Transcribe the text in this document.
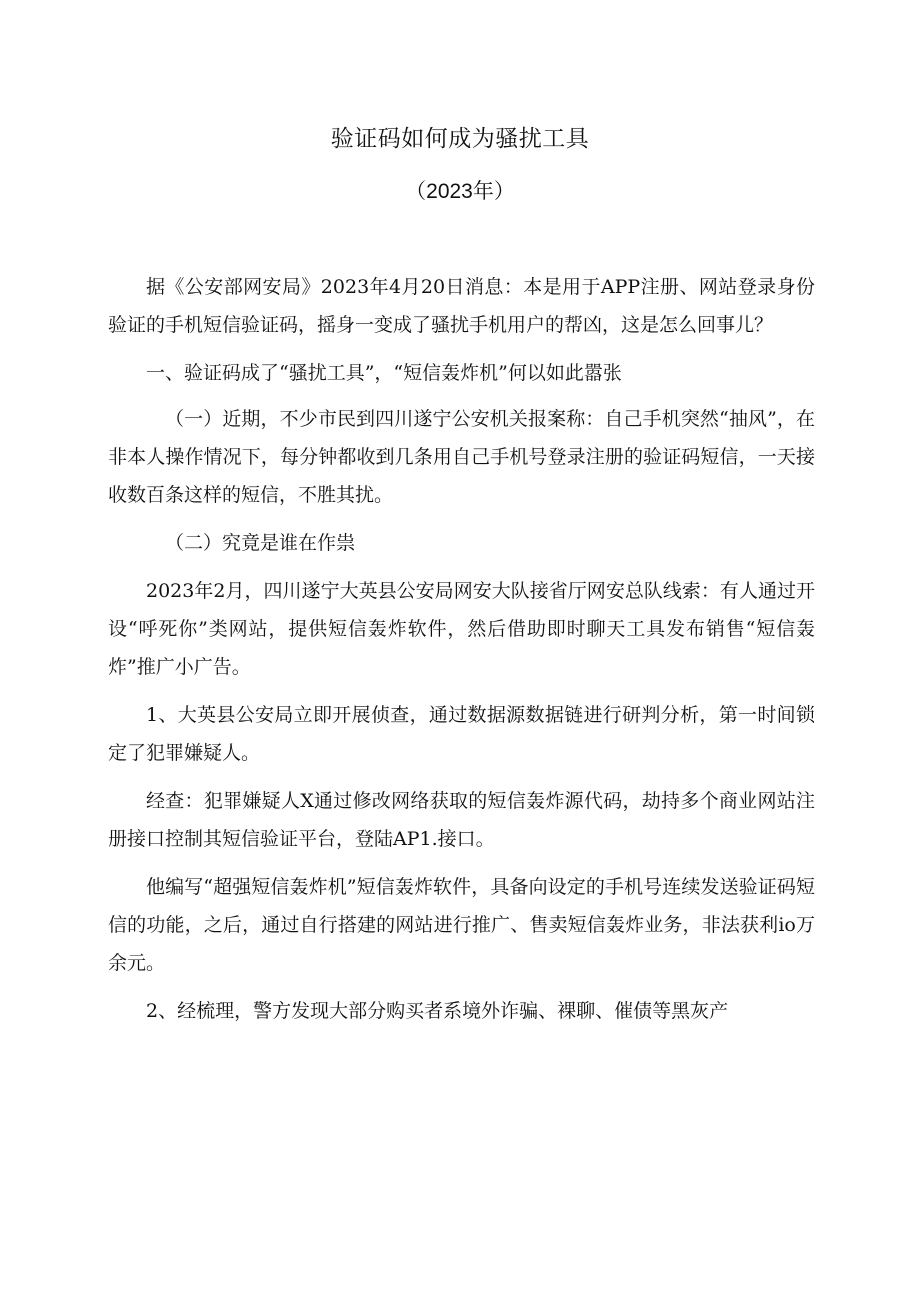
验证码如何成为骚扰工具
（2023年）

据《公安部网安局》2023年4月20日消息：本是用于APP注册、网站登录身份验证的手机短信验证码，摇身一变成了骚扰手机用户的帮凶，这是怎么回事儿？

一、验证码成了“骚扰工具”，“短信轰炸机”何以如此嚣张

（一）近期，不少市民到四川遂宁公安机关报案称：自己手机突然“抽风”，在非本人操作情况下，每分钟都收到几条用自己手机号登录注册的验证码短信，一天接收数百条这样的短信，不胜其扰。

（二）究竟是谁在作祟

2023年2月，四川遂宁大英县公安局网安大队接省厅网安总队线索：有人通过开设“呼死你”类网站，提供短信轰炸软件，然后借助即时聊天工具发布销售“短信轰炸”推广小广告。

1、大英县公安局立即开展侦查，通过数据源数据链进行研判分析，第一时间锁定了犯罪嫌疑人。

经查：犯罪嫌疑人X通过修改网络获取的短信轰炸源代码，劫持多个商业网站注册接口控制其短信验证平台，登陆AP1.接口。

他编写“超强短信轰炸机”短信轰炸软件，具备向设定的手机号连续发送验证码短信的功能，之后，通过自行搭建的网站进行推广、售卖短信轰炸业务，非法获利io万余元。

2、经梳理，警方发现大部分购买者系境外诈骗、裸聊、催债等黑灰产
